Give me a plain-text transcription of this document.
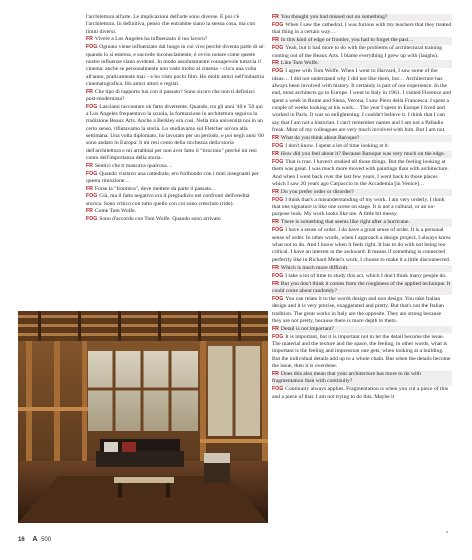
l'architettura all'arte. Le implicazioni dell'arte sono diverse. E poi c'è l'architettura. In definitiva, penso che entrambe siano la stessa cosa, ma con limiti diversi.

FR Vivere a Los Angeles ha influenzato il tuo lavoro?

FOG Ognuno viene influenzato dal luogo in cui vive perché diventa parte di sé: quando lo si esterna, e succede inconsciamente, è ovvio notare come queste nostre influenze siano evidenti. In modo assolutamente consapevole tuttavia il cinema: anche se personalmente non vado molto al cinema – circa una volta all'anno, praticamente mai – e ho visto pochi film. Ho molti amici nell'industria cinematografica. Ho amici attori e registi.

FR Che tipo di rapporto hai con il passato? Sono sicuro che non ti definisci post-modernista?

FOG Lasciami raccontare un fatto divertente. Quando, tra gli anni '40 e '50 qui a Los Angeles frequentavo la scuola, la formazione in architettura seguiva la tradizione Beaux Arts. Anche a Berkley era così. Nella mia università noi in un certo senso, rifiutavamo la storia. Lo studiavamo sul Fletcher un'ora alla settimana. Una volta diplomato, ho lavorato per un periodo, e poi negli anni '60 sono andato in Europa: lì mi resi conto della ricchezza della storia dell'architettura e mi arrabbiai per non aver fatto il "tirocinio" perché mi resi conto dell'importanza della storia.

FR Sentivi che ti mancava qualcosa…

FOG Quando visitavo una cattedrale, ero furibondo con i miei insegnanti per questa rimozione…

FR Forse la "frontiera", deve mettere da parte il passato…

FOG Già, ma il fatto negativo era il pregiudizio nei confronti dell'eredità storica. Sono critico con tutto quello con cui sono cresciuto (ride).

FR Come Tom Wolfe.

FOG Sono d'accordo con Tom Wolfe. Quando sono arrivato

FR You thought you had missed out on something?

FOG When I saw the cathedral, I was furious with my teachers that they treated that thing in a certain way…

FR In this kind of edge or frontier, you had to forget the past…

FOG Yeah, but it had more to do with the problems of architectural training coming out of the Beaux Arts. I blame everything I grew up with (laughs).

FR Like Tom Wolfe.

FOG I agree with Tom Wolfe. When I went to Harvard, I saw some of the ideas… I did not understand why I did not like them, but… Architecture has always been involved with history. It certainly is part of our experience. In the end, most architects go to Europe. I went to Italy in 1961. I visited Florence and spent a week in Rome and Siena, Verona, I saw Piero della Francesca. I spent a couple of weeks looking at his work… The year I spent in Europe I lived and worked in Paris. It was so enlightening. I couldn't believe it. I think that I can say that I am not a historian. I can't remember names and I am not a Palladio freak. Most of my colleagues are very much involved with him. But I am not.

FR What do you think about Baroque?

FOG I don't know. I spent a lot of time looking at it.

FR How did you feel about it? Because Baroque was very much on the edge.

FOG That is true. I haven't studied all those things. But the feeling looking at them was great. I was much more moved with paintings than with architecture. And when I went back over the last few years, I went back to those places which I saw 20 years ago Carpaccio in the Accademia [in Venice]…

FR Do you prefer order or disorder?

FOG I think that's a misunderstanding of my work. I am very orderly. I think that one signature is like one scene on stage. It is not a cultural, or an on-purpose look. My work looks like me. A little bit messy.

FR There is something that seems like right after a hurricane.

FOG I have a sense of order. I do have a great sense of order. It is a personal sense of order. In other words, when I approach a design project, I always know what not to do. And I know when it feels right. It has to do with not being too critical. I have an interest in the awkward. It means if something is connected perfectly like in Richard Meier's work, I choose to make it a little disconnected.

FR Which is much more difficult.

FOG I take a lot of time to study this act, which I don't think many people do.

FR But you don't think it comes from the roughness of the applied technique. It could come about randomly?

FOG You can relate it to the words design and non design. You take Italian design and it is very precise, exaggerated and pretty. But that's not the Italian tradition. The great works in Italy are the opposite. They are strong because they are not pretty, because there is more depth to them.

FR Detail is not important?

FOG It is important, but it is important not to let the detail become the issue. The material and the texture and the space, the feeling, in other words, what is important is the feeling and impression one gets, when looking at a building. But the individual details add up to a whole chain. But when the details become the issue, then it is overdone.

FR Does this also mean that your architecture has more to do with fragmentation than with continuity?

FOG Continuity always applies. Fragmentation is when you cut a piece of this and a piece of that. I am not trying to do this. Maybe it

16 A 500
»
